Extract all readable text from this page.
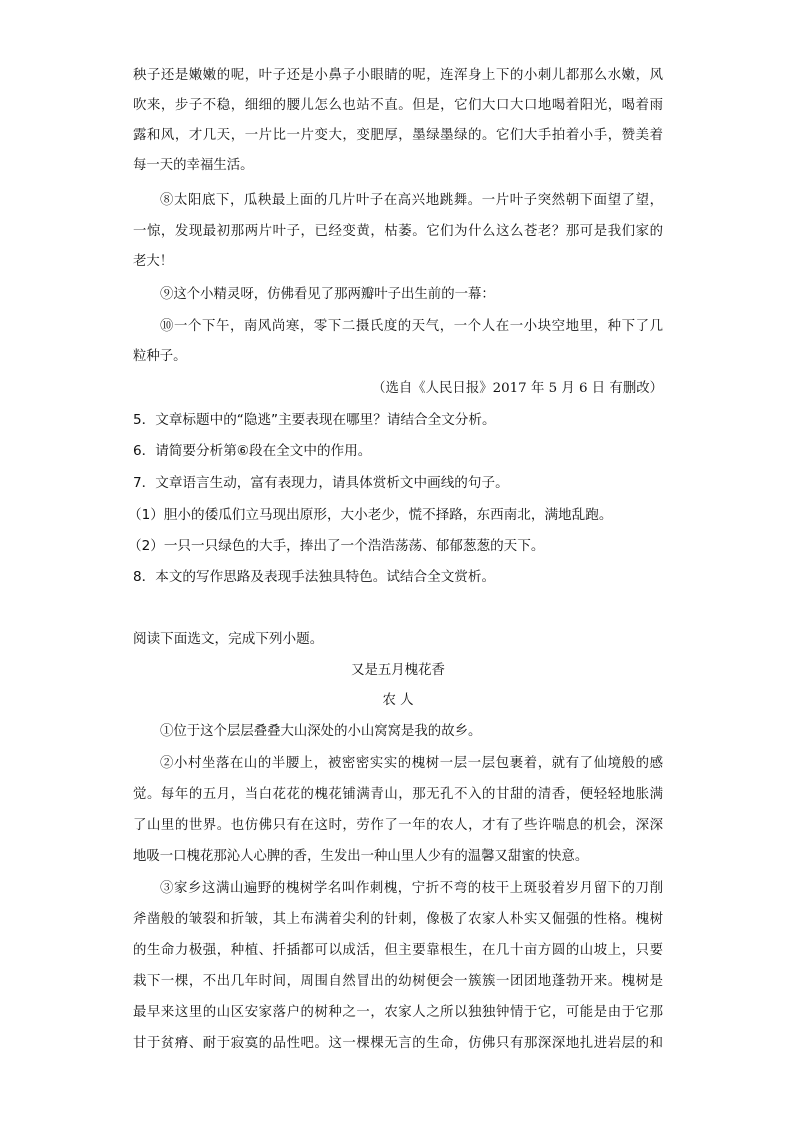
秧子还是嫩嫩的呢，叶子还是小鼻子小眼睛的呢，连浑身上下的小刺儿都那么水嫩，风
吹来，步子不稳，细细的腰儿怎么也站不直。但是，它们大口大口地喝着阳光，喝着雨
露和风，才几天，一片比一片变大，变肥厚，墨绿墨绿的。它们大手拍着小手，赞美着
每一天的幸福生活。
⑧太阳底下，瓜秧最上面的几片叶子在高兴地跳舞。一片叶子突然朝下面望了望，
一惊，发现最初那两片叶子，已经变黄，枯萎。它们为什么这么苍老？那可是我们家的
老大！
⑨这个小精灵呀，仿佛看见了那两瓣叶子出生前的一幕：
⑩一个下午，南风尚寒，零下二摄氏度的天气，一个人在一小块空地里，种下了几
粒种子。
（选自《人民日报》2017 年 5 月 6 日 有删改）
5．文章标题中的“隐逃”主要表现在哪里？请结合全文分析。
6．请简要分析第⑥段在全文中的作用。
7．文章语言生动，富有表现力，请具体赏析文中画线的句子。
（1）胆小的倭瓜们立马现出原形，大小老少，慌不择路，东西南北，满地乱跑。
（2）一只一只绿色的大手，捧出了一个浩浩荡荡、郁郁葱葱的天下。
8．本文的写作思路及表现手法独具特色。试结合全文赏析。
阅读下面选文，完成下列小题。
又是五月槐花香
农 人
①位于这个层层叠叠大山深处的小山窝窝是我的故乡。
②小村坐落在山的半腰上，被密密实实的槐树一层一层包裹着，就有了仙境般的感
觉。每年的五月，当白花花的槐花铺满青山，那无孔不入的甘甜的清香，便轻轻地胀满
了山里的世界。也仿佛只有在这时，劳作了一年的农人，才有了些许喘息的机会，深深
地吸一口槐花那沁人心脾的香，生发出一种山里人少有的温馨又甜蜜的快意。
③家乡这满山遍野的槐树学名叫作刺槐，宁折不弯的枝干上斑驳着岁月留下的刀削
斧凿般的皱裂和折皱，其上布满着尖利的针刺，像极了农家人朴实又倔强的性格。槐树
的生命力极强，种植、扦插都可以成活，但主要靠根生，在几十亩方圆的山坡上，只要
栽下一棵，不出几年时间，周围自然冒出的幼树便会一簇簇一团团地蓬勃开来。槐树是
最早来这里的山区安家落户的树种之一，农家人之所以独独钟情于它，可能是由于它那
甘于贫瘠、耐于寂寞的品性吧。这一棵棵无言的生命，仿佛只有那深深地扎进岩层的和
